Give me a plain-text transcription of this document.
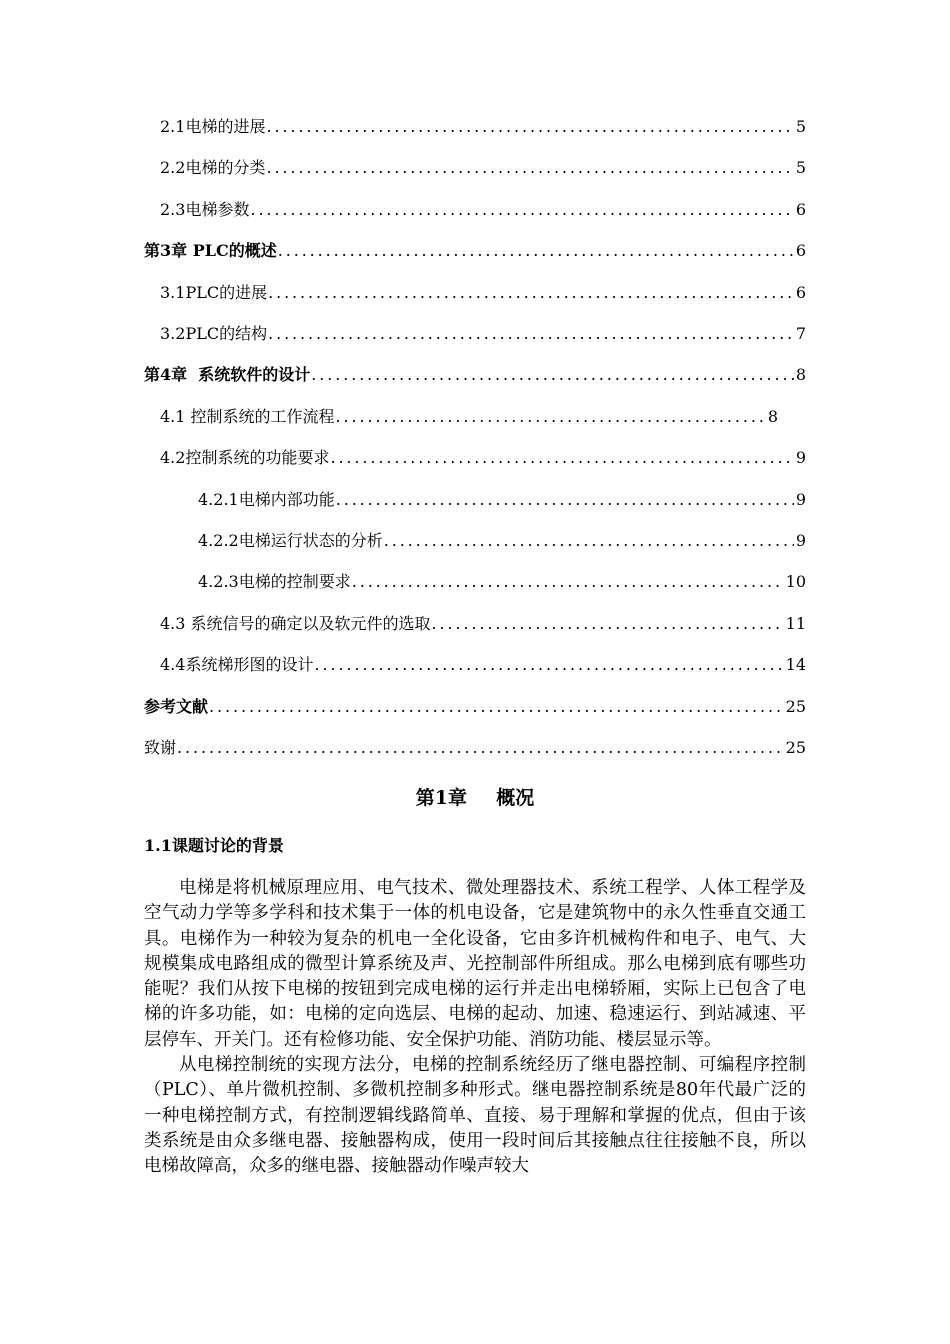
2.1电梯的进展 .....	5
2.2电梯的分类 .....	5
2.3电梯参数 .....	6
第3章 PLC的概述 .....	6
3.1PLC的进展 .....	6
3.2PLC的结构 .....	7
第4章  系统软件的设计 .....	8
4.1 控制系统的工作流程 .....	8
4.2控制系统的功能要求 .....	9
4.2.1电梯内部功能 .....	9
4.2.2电梯运行状态的分析 .....	9
4.2.3电梯的控制要求 .....	10
4.3 系统信号的确定以及软元件的选取 .....	11
4.4系统梯形图的设计 .....	14
参考文献 .....	25
致谢 .....	25
第1章  概况
1.1课题讨论的背景

电梯是将机械原理应用、电气技术、微处理器技术、系统工程学、人体工程学及空气动力学等多学科和技术集于一体的机电设备，它是建筑物中的永久性垂直交通工具。电梯作为一种较为复杂的机电一全化设备，它由多许机械构件和电子、电气、大规模集成电路组成的微型计算系统及声、光控制部件所组成。那么电梯到底有哪些功能呢？我们从按下电梯的按钮到完成电梯的运行并走出电梯轿厢，实际上已包含了电梯的许多功能，如：电梯的定向选层、电梯的起动、加速、稳速运行、到站减速、平层停车、开关门。还有检修功能、安全保护功能、消防功能、楼层显示等。

从电梯控制统的实现方法分，电梯的控制系统经历了继电器控制、可编程序控制（PLC）、单片微机控制、多微机控制多种形式。继电器控制系统是80年代最广泛的一种电梯控制方式，有控制逻辑线路简单、直接、易于理解和掌握的优点，但由于该类系统是由众多继电器、接触器构成，使用一段时间后其接触点往往接触不良，所以电梯故障高，众多的继电器、接触器动作噪声较大
